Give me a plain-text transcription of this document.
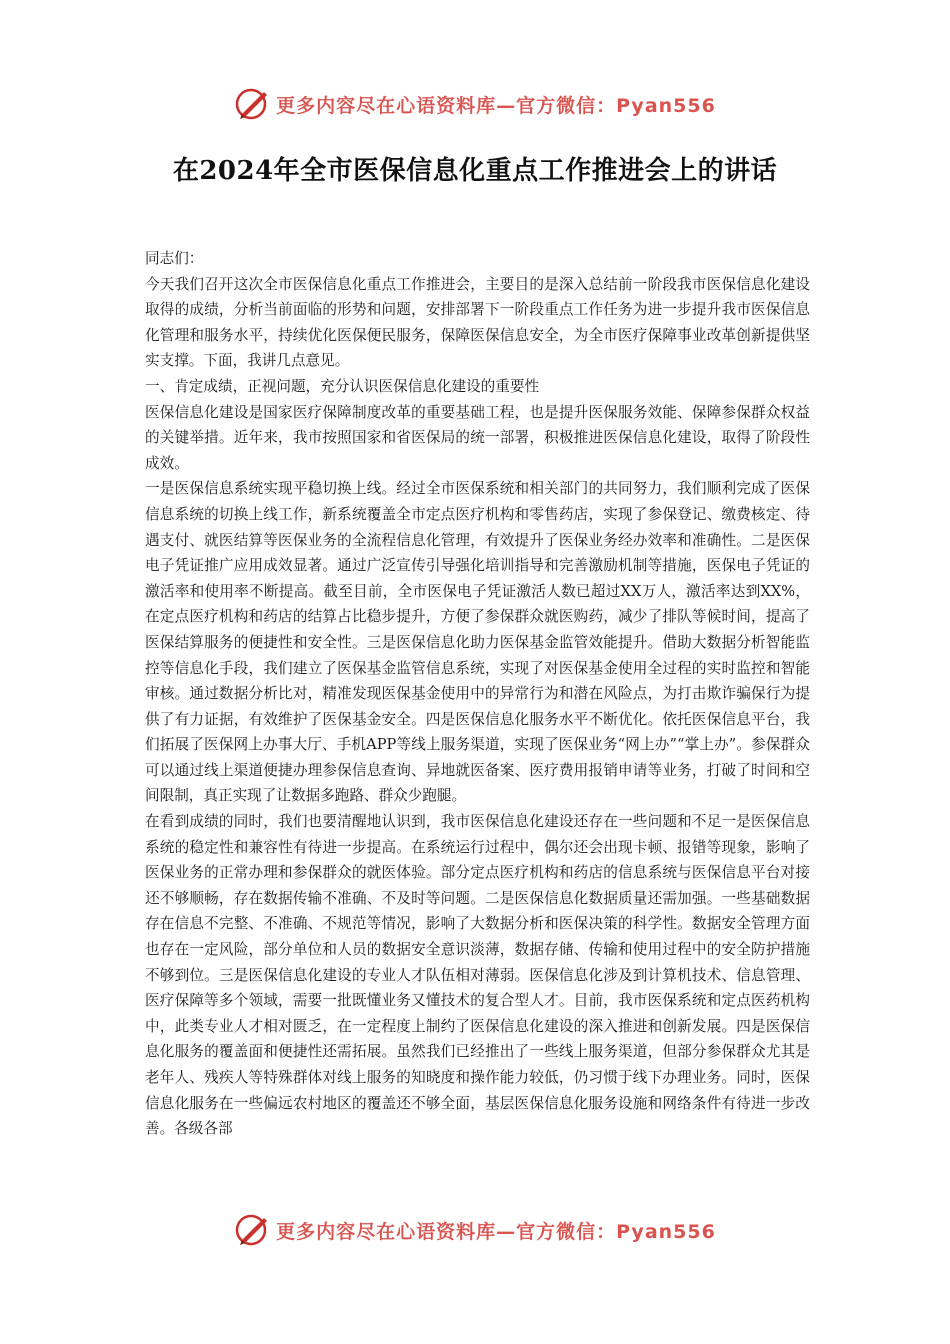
更多内容尽在心语资料库—官方微信：Pyan556
在2024年全市医保信息化重点工作推进会上的讲话

同志们：

今天我们召开这次全市医保信息化重点工作推进会，主要目的是深入总结前一阶段我市医保信息化建设取得的成绩，分析当前面临的形势和问题，安排部署下一阶段重点工作任务为进一步提升我市医保信息化管理和服务水平，持续优化医保便民服务，保障医保信息安全，为全市医疗保障事业改革创新提供坚实支撑。下面，我讲几点意见。

一、肯定成绩，正视问题，充分认识医保信息化建设的重要性

医保信息化建设是国家医疗保障制度改革的重要基础工程，也是提升医保服务效能、保障参保群众权益的关键举措。近年来，我市按照国家和省医保局的统一部署，积极推进医保信息化建设，取得了阶段性成效。

一是医保信息系统实现平稳切换上线。经过全市医保系统和相关部门的共同努力，我们顺利完成了医保信息系统的切换上线工作，新系统覆盖全市定点医疗机构和零售药店，实现了参保登记、缴费核定、待遇支付、就医结算等医保业务的全流程信息化管理，有效提升了医保业务经办效率和准确性。二是医保电子凭证推广应用成效显著。通过广泛宣传引导强化培训指导和完善激励机制等措施，医保电子凭证的激活率和使用率不断提高。截至目前，全市医保电子凭证激活人数已超过XX万人，激活率达到XX%，在定点医疗机构和药店的结算占比稳步提升，方便了参保群众就医购药，减少了排队等候时间，提高了医保结算服务的便捷性和安全性。三是医保信息化助力医保基金监管效能提升。借助大数据分析智能监控等信息化手段，我们建立了医保基金监管信息系统，实现了对医保基金使用全过程的实时监控和智能审核。通过数据分析比对，精准发现医保基金使用中的异常行为和潜在风险点，为打击欺诈骗保行为提供了有力证据，有效维护了医保基金安全。四是医保信息化服务水平不断优化。依托医保信息平台，我们拓展了医保网上办事大厅、手机APP等线上服务渠道，实现了医保业务“网上办”“掌上办”。参保群众可以通过线上渠道便捷办理参保信息查询、异地就医备案、医疗费用报销申请等业务，打破了时间和空间限制，真正实现了让数据多跑路、群众少跑腿。

在看到成绩的同时，我们也要清醒地认识到，我市医保信息化建设还存在一些问题和不足一是医保信息系统的稳定性和兼容性有待进一步提高。在系统运行过程中，偶尔还会出现卡顿、报错等现象，影响了医保业务的正常办理和参保群众的就医体验。部分定点医疗机构和药店的信息系统与医保信息平台对接还不够顺畅，存在数据传输不准确、不及时等问题。二是医保信息化数据质量还需加强。一些基础数据存在信息不完整、不准确、不规范等情况，影响了大数据分析和医保决策的科学性。数据安全管理方面也存在一定风险，部分单位和人员的数据安全意识淡薄，数据存储、传输和使用过程中的安全防护措施不够到位。三是医保信息化建设的专业人才队伍相对薄弱。医保信息化涉及到计算机技术、信息管理、医疗保障等多个领域，需要一批既懂业务又懂技术的复合型人才。目前，我市医保系统和定点医药机构中，此类专业人才相对匮乏，在一定程度上制约了医保信息化建设的深入推进和创新发展。四是医保信息化服务的覆盖面和便捷性还需拓展。虽然我们已经推出了一些线上服务渠道，但部分参保群众尤其是老年人、残疾人等特殊群体对线上服务的知晓度和操作能力较低，仍习惯于线下办理业务。同时，医保信息化服务在一些偏远农村地区的覆盖还不够全面，基层医保信息化服务设施和网络条件有待进一步改善。各级各部

更多内容尽在心语资料库—官方微信：Pyan556
